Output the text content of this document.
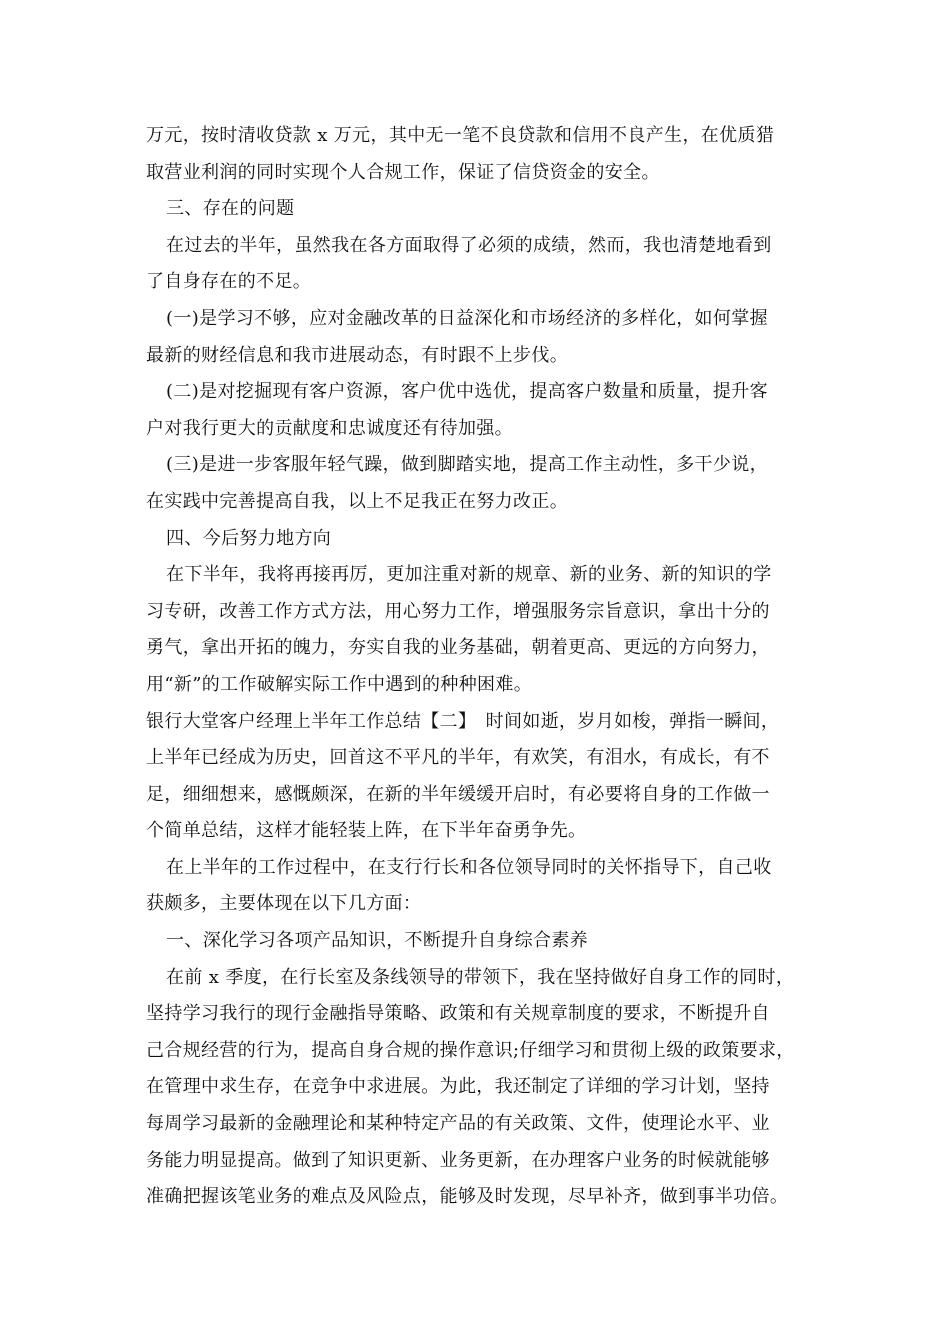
万元，按时清收贷款 x 万元，其中无一笔不良贷款和信用不良产生，在优质猎
取营业利润的同时实现个人合规工作，保证了信贷资金的安全。
三、存在的问题
在过去的半年，虽然我在各方面取得了必须的成绩，然而，我也清楚地看到
了自身存在的不足。
(一)是学习不够，应对金融改革的日益深化和市场经济的多样化，如何掌握
最新的财经信息和我市进展动态，有时跟不上步伐。
(二)是对挖掘现有客户资源，客户优中选优，提高客户数量和质量，提升客
户对我行更大的贡献度和忠诚度还有待加强。
(三)是进一步客服年轻气躁，做到脚踏实地，提高工作主动性，多干少说，
在实践中完善提高自我，以上不足我正在努力改正。
四、今后努力地方向
在下半年，我将再接再厉，更加注重对新的规章、新的业务、新的知识的学
习专研，改善工作方式方法，用心努力工作，增强服务宗旨意识，拿出十分的
勇气，拿出开拓的魄力，夯实自我的业务基础，朝着更高、更远的方向努力，
用“新”的工作破解实际工作中遇到的种种困难。
银行大堂客户经理上半年工作总结【二】　时间如逝，岁月如梭，弹指一瞬间，
上半年已经成为历史，回首这不平凡的半年，有欢笑，有泪水，有成长，有不
足，细细想来，感慨颇深，在新的半年缓缓开启时，有必要将自身的工作做一
个简单总结，这样才能轻装上阵，在下半年奋勇争先。
在上半年的工作过程中，在支行行长和各位领导同时的关怀指导下，自己收
获颇多，主要体现在以下几方面：
一、深化学习各项产品知识，不断提升自身综合素养
在前 x 季度，在行长室及条线领导的带领下，我在坚持做好自身工作的同时，
坚持学习我行的现行金融指导策略、政策和有关规章制度的要求，不断提升自
己合规经营的行为，提高自身合规的操作意识;仔细学习和贯彻上级的政策要求，
在管理中求生存，在竞争中求进展。为此，我还制定了详细的学习计划，坚持
每周学习最新的金融理论和某种特定产品的有关政策、文件，使理论水平、业
务能力明显提高。做到了知识更新、业务更新，在办理客户业务的时候就能够
准确把握该笔业务的难点及风险点，能够及时发现，尽早补齐，做到事半功倍。
